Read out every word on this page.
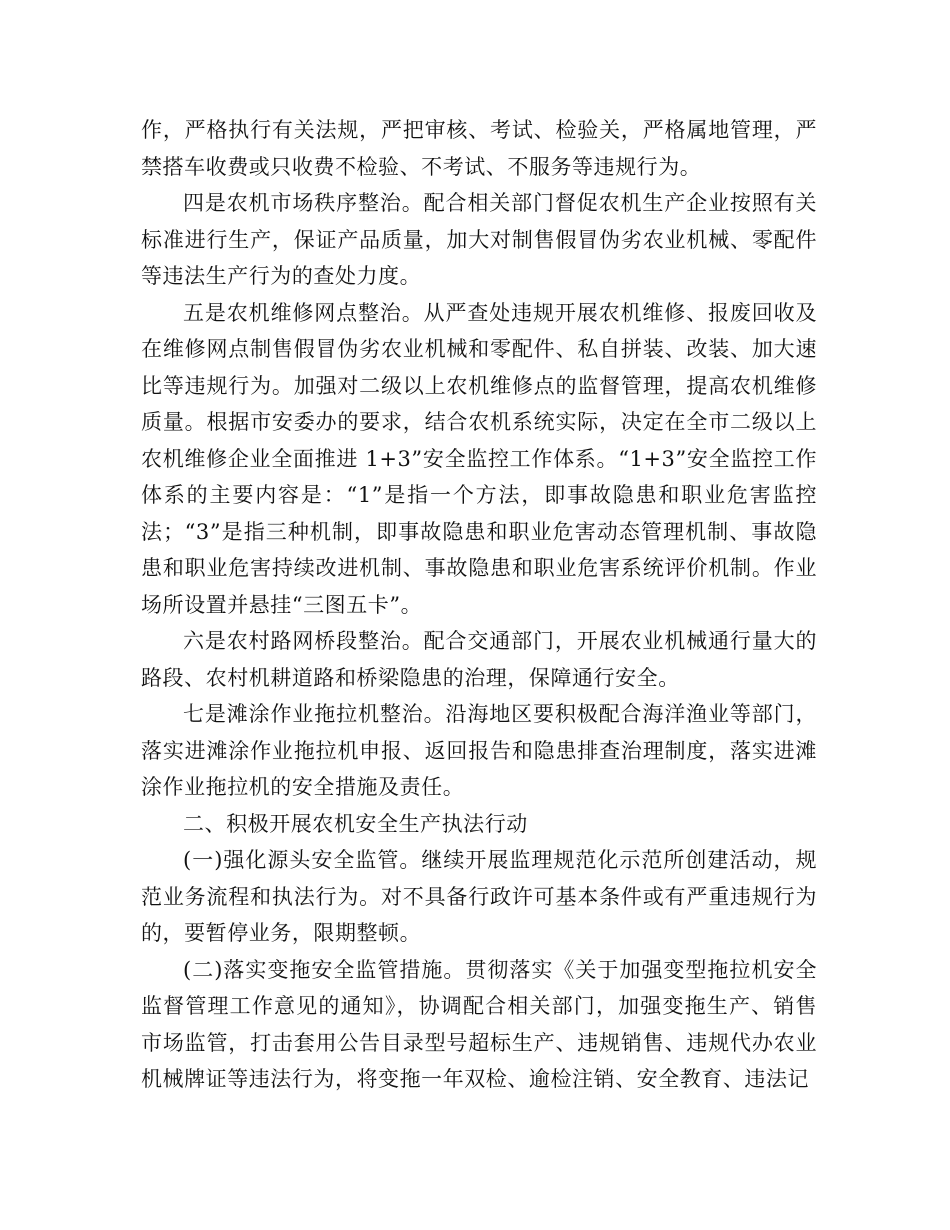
作，严格执行有关法规，严把审核、考试、检验关，严格属地管理，严禁搭车收费或只收费不检验、不考试、不服务等违规行为。

四是农机市场秩序整治。配合相关部门督促农机生产企业按照有关标准进行生产，保证产品质量，加大对制售假冒伪劣农业机械、零配件等违法生产行为的查处力度。

五是农机维修网点整治。从严查处违规开展农机维修、报废回收及在维修网点制售假冒伪劣农业机械和零配件、私自拼装、改装、加大速比等违规行为。加强对二级以上农机维修点的监督管理，提高农机维修质量。根据市安委办的要求，结合农机系统实际，决定在全市二级以上农机维修企业全面推进 1+3”安全监控工作体系。“1+3”安全监控工作体系的主要内容是：“1”是指一个方法，即事故隐患和职业危害监控法；“3”是指三种机制，即事故隐患和职业危害动态管理机制、事故隐患和职业危害持续改进机制、事故隐患和职业危害系统评价机制。作业场所设置并悬挂“三图五卡”。

六是农村路网桥段整治。配合交通部门，开展农业机械通行量大的路段、农村机耕道路和桥梁隐患的治理，保障通行安全。

七是滩涂作业拖拉机整治。沿海地区要积极配合海洋渔业等部门，落实进滩涂作业拖拉机申报、返回报告和隐患排查治理制度，落实进滩涂作业拖拉机的安全措施及责任。

二、积极开展农机安全生产执法行动

(一)强化源头安全监管。继续开展监理规范化示范所创建活动，规范业务流程和执法行为。对不具备行政许可基本条件或有严重违规行为的，要暂停业务，限期整顿。

(二)落实变拖安全监管措施。贯彻落实《关于加强变型拖拉机安全监督管理工作意见的通知》，协调配合相关部门，加强变拖生产、销售市场监管，打击套用公告目录型号超标生产、违规销售、违规代办农业机械牌证等违法行为，将变拖一年双检、逾检注销、安全教育、违法记
